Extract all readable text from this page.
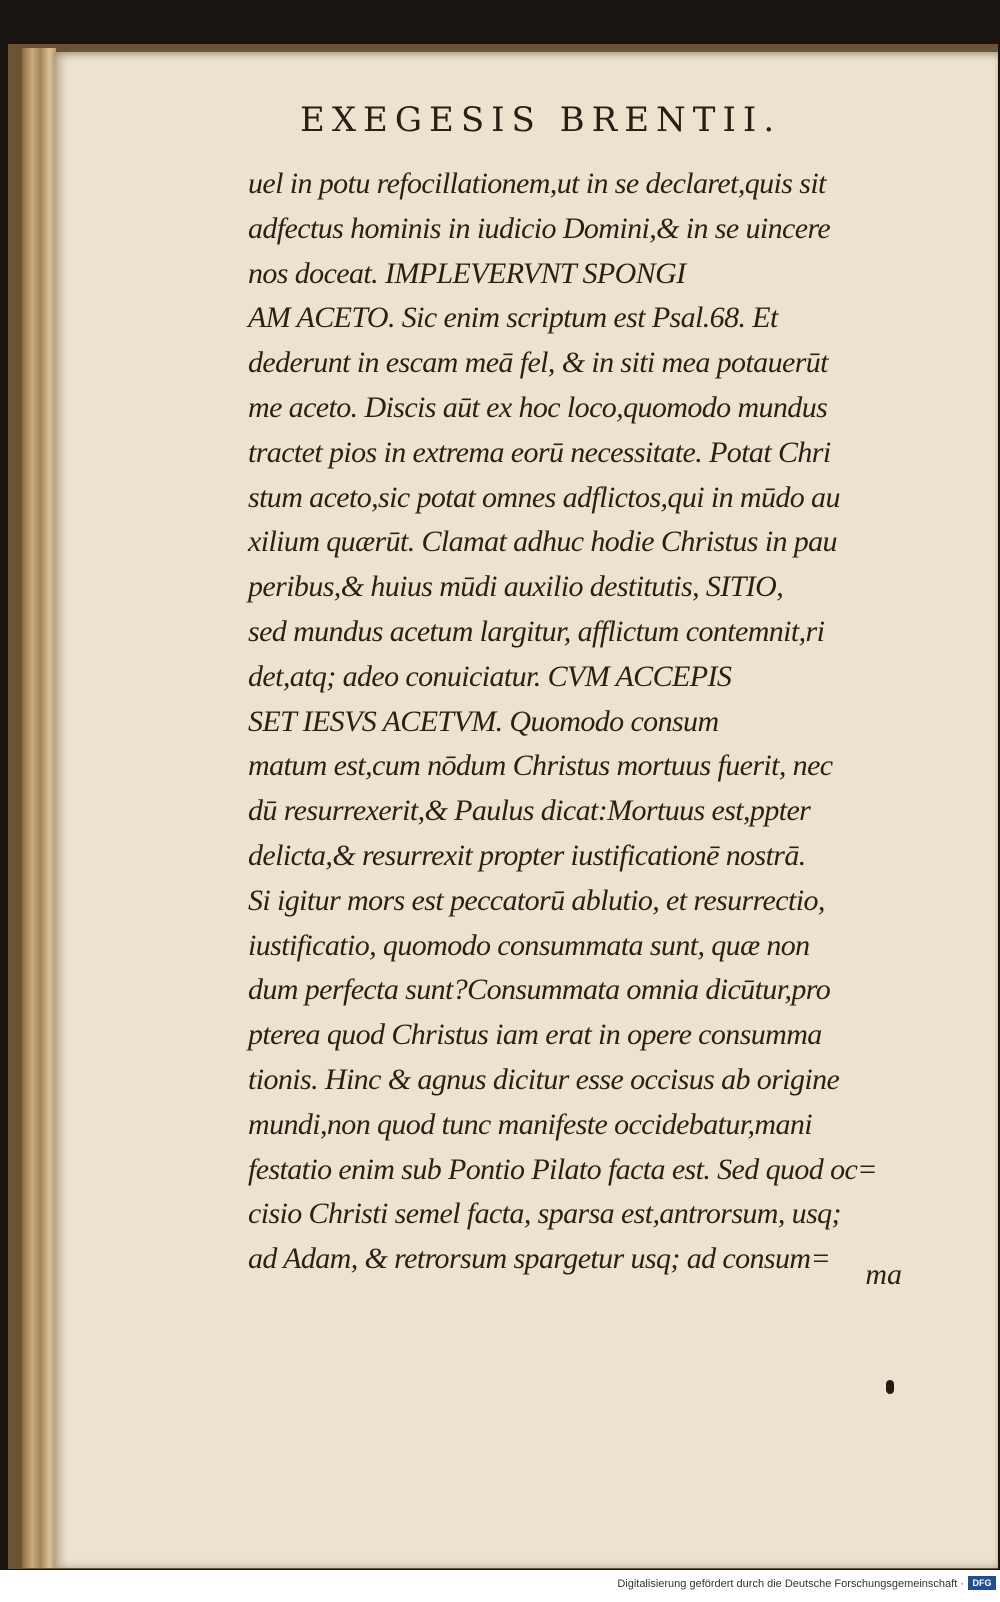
EXEGESIS BRENTII.
uel in potu refocillationem,ut in se declaret,quis sit
adfectus hominis in iudicio Domini,& in se uincere
nos doceat. IMPLEVERVNT SPONGI
AM ACETO. Sic enim scriptum est Psal.68. Et
dederunt in escam meā fel, & in siti mea potauerūt
me aceto. Discis aūt ex hoc loco,quomodo mundus
tractet pios in extrema eorū necessitate. Potat Chri
stum aceto,sic potat omnes adflictos,qui in mūdo au
xilium quærūt. Clamat adhuc hodie Christus in pau
peribus,& huius mūdi auxilio destitutis, SITIO,
sed mundus acetum largitur, afflictum contemnit,ri
det,atq; adeo conuiciatur. CVM ACCEPIS
SET IESVS ACETVM. Quomodo consum
matum est,cum nōdum Christus mortuus fuerit, nec
dū resurrexerit,& Paulus dicat:Mortuus est,ppter
delicta,& resurrexit propter iustificationē nostrā.
Si igitur mors est peccatorū ablutio, et resurrectio,
iustificatio, quomodo consummata sunt, quæ non
dum perfecta sunt?Consummata omnia dicūtur,pro
pterea quod Christus iam erat in opere consumma
tionis. Hinc & agnus dicitur esse occisus ab origine
mundi,non quod tunc manifeste occidebatur,mani
festatio enim sub Pontio Pilato facta est. Sed quod oc=
cisio Christi semel facta, sparsa est,antrorsum, usq;
ad Adam, & retrorsum spargetur usq; ad consum=	ma
Digitalisierung gefördert durch die Deutsche Forschungsgemeinschaft · DFG
